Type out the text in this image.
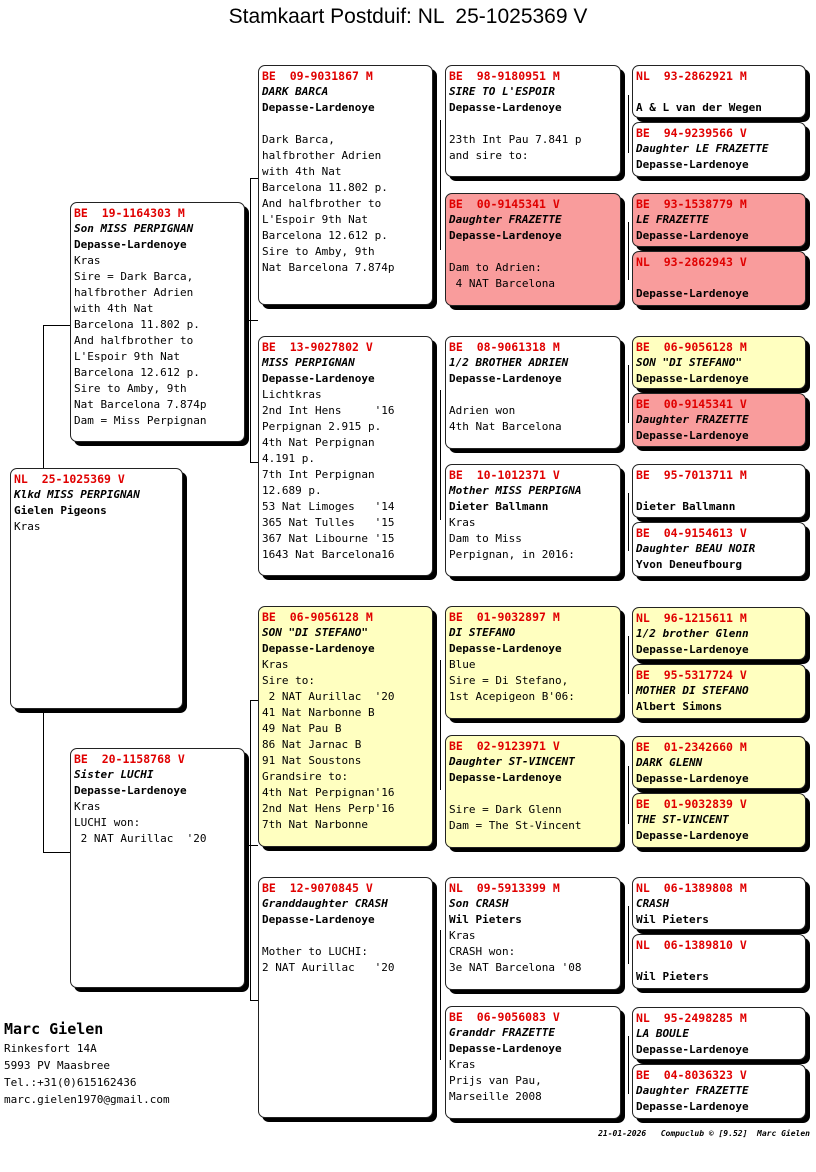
Stamkaart Postduif: NL  25-1025369 V
NL  25-1025369 V
Klkd MISS PERPIGNAN
Gielen Pigeons
Kras
BE  19-1164303 M
Son MISS PERPIGNAN
Depasse-Lardenoye
Kras
Sire = Dark Barca,
halfbrother Adrien
with 4th Nat
Barcelona 11.802 p.
And halfbrother to
L'Espoir 9th Nat
Barcelona 12.612 p.
Sire to Amby, 9th
Nat Barcelona 7.874p
Dam = Miss Perpignan
BE  20-1158768 V
Sister LUCHI
Depasse-Lardenoye
Kras
LUCHI won:
2 NAT Aurillac  '20
BE  09-9031867 M
DARK BARCA
Depasse-Lardenoye

Dark Barca,
halfbrother Adrien
with 4th Nat
Barcelona 11.802 p.
And halfbrother to
L'Espoir 9th Nat
Barcelona 12.612 p.
Sire to Amby, 9th
Nat Barcelona 7.874p
BE  13-9027802 V
MISS PERPIGNAN
Depasse-Lardenoye
Lichtkras
2nd Int Hens     '16
Perpignan 2.915 p.
4th Nat Perpignan
4.191 p.
7th Int Perpignan
12.689 p.
53 Nat Limoges   '14
365 Nat Tulles   '15
367 Nat Libourne '15
1643 Nat Barcelona16
BE  06-9056128 M
SON "DI STEFANO"
Depasse-Lardenoye
Kras
Sire to:
2 NAT Aurillac  '20
41 Nat Narbonne B
49 Nat Pau B
86 Nat Jarnac B
91 Nat Soustons
Grandsire to:
4th Nat Perpignan'16
2nd Nat Hens Perp'16
7th Nat Narbonne
BE  12-9070845 V
Granddaughter CRASH
Depasse-Lardenoye

Mother to LUCHI:
2 NAT Aurillac   '20
BE  98-9180951 M
SIRE TO L'ESPOIR
Depasse-Lardenoye

23th Int Pau 7.841 p
and sire to:
BE  00-9145341 V
Daughter FRAZETTE
Depasse-Lardenoye

Dam to Adrien:
4 NAT Barcelona
BE  08-9061318 M
1/2 BROTHER ADRIEN
Depasse-Lardenoye

Adrien won
4th Nat Barcelona
BE  10-1012371 V
Mother MISS PERPIGNA
Dieter Ballmann
Kras
Dam to Miss
Perpignan, in 2016:
BE  01-9032897 M
DI STEFANO
Depasse-Lardenoye
Blue
Sire = Di Stefano,
1st Acepigeon B'06:
BE  02-9123971 V
Daughter ST-VINCENT
Depasse-Lardenoye

Sire = Dark Glenn
Dam = The St-Vincent
NL  09-5913399 M
Son CRASH
Wil Pieters
Kras
CRASH won:
3e NAT Barcelona '08
BE  06-9056083 V
Granddr FRAZETTE
Depasse-Lardenoye
Kras
Prijs van Pau,
Marseille 2008
NL  93-2862921 M

A & L van der Wegen
BE  94-9239566 V
Daughter LE FRAZETTE
Depasse-Lardenoye
BE  93-1538779 M
LE FRAZETTE
Depasse-Lardenoye
NL  93-2862943 V

Depasse-Lardenoye
BE  06-9056128 M
SON "DI STEFANO"
Depasse-Lardenoye
BE  00-9145341 V
Daughter FRAZETTE
Depasse-Lardenoye
BE  95-7013711 M

Dieter Ballmann
BE  04-9154613 V
Daughter BEAU NOIR
Yvon Deneufbourg
NL  96-1215611 M
1/2 brother Glenn
Depasse-Lardenoye
BE  95-5317724 V
MOTHER DI STEFANO
Albert Simons
BE  01-2342660 M
DARK GLENN
Depasse-Lardenoye
BE  01-9032839 V
THE ST-VINCENT
Depasse-Lardenoye
NL  06-1389808 M
CRASH
Wil Pieters
NL  06-1389810 V

Wil Pieters
NL  95-2498285 M
LA BOULE
Depasse-Lardenoye
BE  04-8036323 V
Daughter FRAZETTE
Depasse-Lardenoye
Marc Gielen
Rinkesfort 14A
5993 PV Maasbree
Tel.:+31(0)615162436
marc.gielen1970@gmail.com
21-01-2026   Compuclub © [9.52]  Marc Gielen
